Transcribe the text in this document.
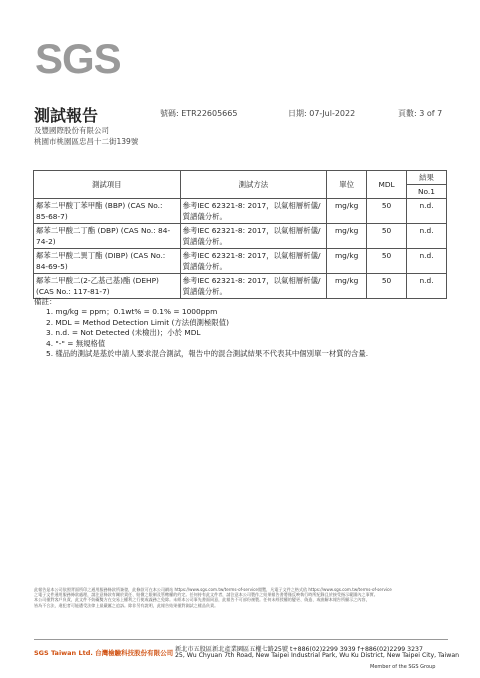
SGS
測試報告	號碼: ETR22605665	日期: 07-Jul-2022	頁數: 3 of 7
及豐國際股份有限公司
桃園市桃園區忠昌十二街139號
測試項目	測試方法	單位	MDL	結果
				No.1
鄰苯二甲酸丁苯甲酯 (BBP) (CAS No.:
85-68-7)	參考IEC 62321-8: 2017，以氣相層析儀/
質譜儀分析。	mg/kg	50	n.d.
鄰苯二甲酸二丁酯 (DBP) (CAS No.: 84-
74-2)	參考IEC 62321-8: 2017，以氣相層析儀/
質譜儀分析。	mg/kg	50	n.d.
鄰苯二甲酸二異丁酯 (DIBP) (CAS No.:
84-69-5)	參考IEC 62321-8: 2017，以氣相層析儀/
質譜儀分析。	mg/kg	50	n.d.
鄰苯二甲酸二(2-乙基己基)酯 (DEHP)
(CAS No.: 117-81-7)	參考IEC 62321-8: 2017，以氣相層析儀/
質譜儀分析。	mg/kg	50	n.d.
備註：
1. mg/kg = ppm；0.1wt% = 0.1% = 1000ppm
2. MDL = Method Detection Limit (方法偵測極限值)
3. n.d. = Not Detected (未檢出)；小於 MDL
4. "-" = 無規格值
5. 樣品的測試是基於申請人要求混合測試，報告中的混合測試結果不代表其中個別單一材質的含量.
此報告是本公司依照背面所印之通用服務條款所簽發，此條款可在本公司網站 https://www.sgs.com.tw/terms-of-service閱覽，凡電子文件之格式依 https://www.sgs.com.tw/terms-of-service
之電子文件通用服務條款處理，請注意條款有關於責任、賠償之限制及管轄權的約定。任何持有此文件者，請注意本公司製作之結果報告書將僅反映執行時所紀錄且於接受指示範圍內之事實。
本公司僅對客戶負責，此文件不妨礙雙方在交易上權利之行使或義務之免除。未經本公司事先書面同意，此報告不可部份複製。任何未經授權的變更、偽造、或曲解本報告所顯示之內容，
皆為不合法，違犯者可能遭受法律上最嚴厲之追訴。除非另有說明，此報告結果僅對測試之樣品負責。
SGS Taiwan Ltd. 台灣檢驗科技股份有限公司 新北市五股區新北產業園區五權七路25號 t+886(02)2299 3939 f+886(02)2299 3237
25, Wu Chyuan 7th Road, New Taipei Industrial Park, Wu Ku District, New Taipei City, Taiwan
Member of the SGS Group
